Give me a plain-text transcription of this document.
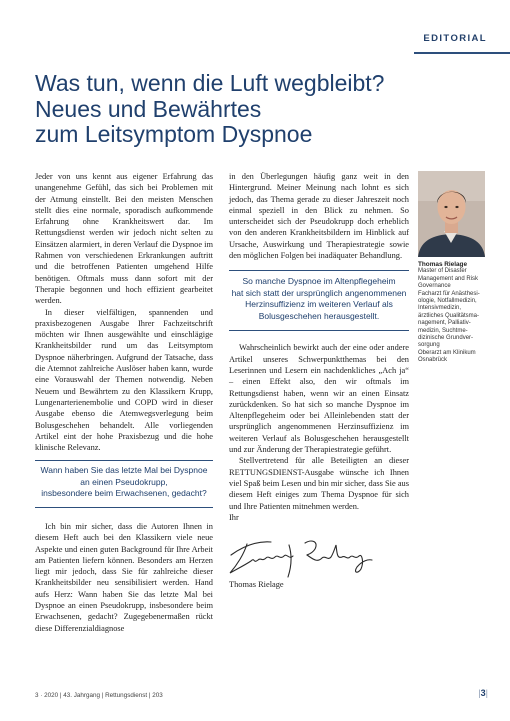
EDITORIAL
Was tun, wenn die Luft wegbleibt?
Neues und Bewährtes
zum Leitsymptom Dyspnoe

Jeder von uns kennt aus eigener Erfahrung das unangenehme Gefühl, das sich bei Problemen mit der Atmung einstellt. Bei den meisten Menschen stellt dies eine normale, sporadisch aufkommende Erfahrung ohne Krankheitswert dar. Im Rettungsdienst werden wir jedoch nicht selten zu Einsätzen alarmiert, in deren Verlauf die Dyspnoe im Rahmen von verschiedenen Erkrankungen auftritt und die betroffenen Patienten umgehend Hilfe benötigen. Oftmals muss dann sofort mit der Therapie begonnen und hoch effizient gearbeitet werden.

In dieser vielfältigen, spannenden und praxisbezogenen Ausgabe Ihrer Fachzeitschrift möchten wir Ihnen ausgewählte und einschlägige Krankheitsbilder rund um das Leitsymptom Dyspnoe näherbringen. Aufgrund der Tatsache, dass die Atemnot zahlreiche Auslöser haben kann, wurde eine Vorauswahl der Themen notwendig. Neben Neuem und Bewährtem zu den Klassikern Krupp, Lungenarterienembolie und COPD wird in dieser Ausgabe ebenso die Atemwegsverlegung beim Bolusgeschehen behandelt. Alle vorliegenden Artikel eint der hohe Praxisbezug und die hohe klinische Relevanz.

Wann haben Sie das letzte Mal bei Dyspnoe
an einen Pseudokrupp,
insbesondere beim Erwachsenen, gedacht?

Ich bin mir sicher, dass die Autoren Ihnen in diesem Heft auch bei den Klassikern viele neue Aspekte und einen guten Background für Ihre Arbeit am Patienten liefern können. Besonders am Herzen liegt mir jedoch, dass Sie für zahlreiche dieser Krankheitsbilder neu sensibilisiert werden. Hand aufs Herz: Wann haben Sie das letzte Mal bei Dyspnoe an einen Pseudokrupp, insbesondere beim Erwachsenen, gedacht? Zugegebenermaßen rückt diese Differenzialdiagnose

in den Überlegungen häufig ganz weit in den Hintergrund. Meiner Meinung nach lohnt es sich jedoch, das Thema gerade zu dieser Jahreszeit noch einmal speziell in den Blick zu nehmen. So unterscheidet sich der Pseudokrupp doch erheblich von den anderen Krankheitsbildern im Hinblick auf Ursache, Auswirkung und Therapiestrategie sowie den möglichen Folgen bei inadäquater Behandlung.

So manche Dyspnoe im Altenpflegeheim
hat sich statt der ursprünglich angenommenen
Herzinsuffizienz im weiteren Verlauf als
Bolusgeschehen herausgestellt.

Wahrscheinlich bewirkt auch der eine oder andere Artikel unseres Schwerpunktthemas bei den Leserinnen und Lesern ein nachdenkliches „Ach ja“ – einen Effekt also, den wir oftmals im Rettungsdienst haben, wenn wir an einen Einsatz zurückdenken. So hat sich so manche Dyspnoe im Altenpflegeheim oder bei Alleinlebenden statt der ursprünglich angenommenen Herzinsuffizienz im weiteren Verlauf als Bolusgeschehen herausgestellt und zur Änderung der Therapiestrategie geführt.

Stellvertretend für alle Beteiligten an dieser RETTUNGSDIENST-Ausgabe wünsche ich Ihnen viel Spaß beim Lesen und bin mir sicher, dass Sie aus diesem Heft einiges zum Thema Dyspnoe für sich und Ihre Patienten mitnehmen werden.

Ihr

Thomas Rielage

Thomas Rielage
Master of Disaster
Management and Risk
Governance
Facharzt für Anästhesi-
ologie, Notfallmedizin,
Intensivmedizin,
ärztliches Qualitätsma-
nagement, Palliativ-
medizin, Suchtme-
dizinische Grundver-
sorgung
Oberarzt am Klinikum
Osnabrück
3 · 2020 | 43. Jahrgang | Rettungsdienst | 203	|3|
